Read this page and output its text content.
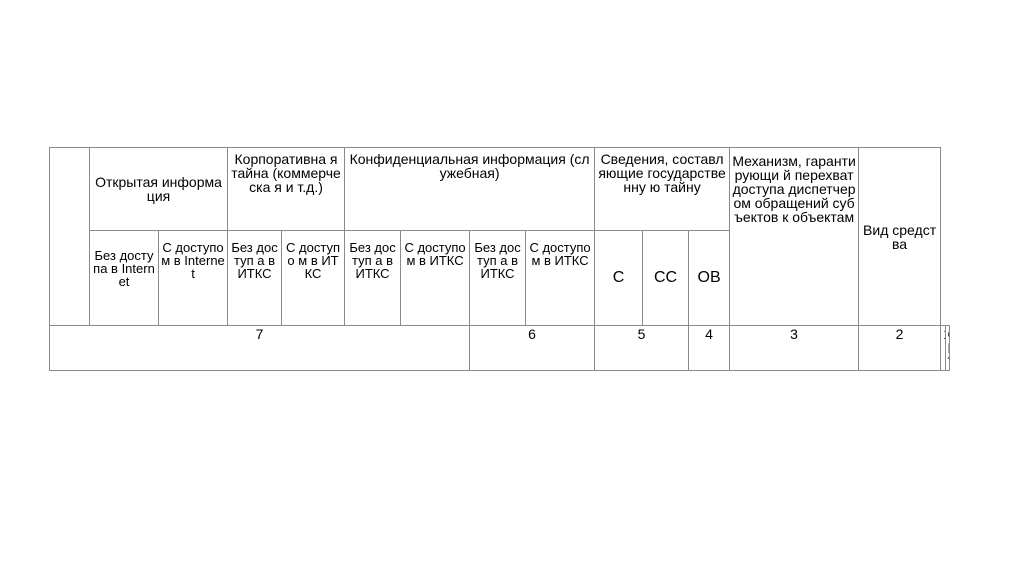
	Открытая информация		Корпоративна я тайна (коммерческа я и т.д.)		Конфиденциальная информация (служебная)				Сведения, составляющие государственну ю тайну			Механизм, гарантирующи й перехват доступа диспетчером обращений субъектов к объектам	Вид средства		
	Без доступа в Internet	С доступо м в Internet	Без доступ а в ИТКС	С доступо м в ИТКС	Без доступ а в ИТКС	С доступо м в ИТКС	Без доступ а в ИТКС	С доступо м в ИТКС	С	СС	ОВ				
7							6		5		4	3	2		
